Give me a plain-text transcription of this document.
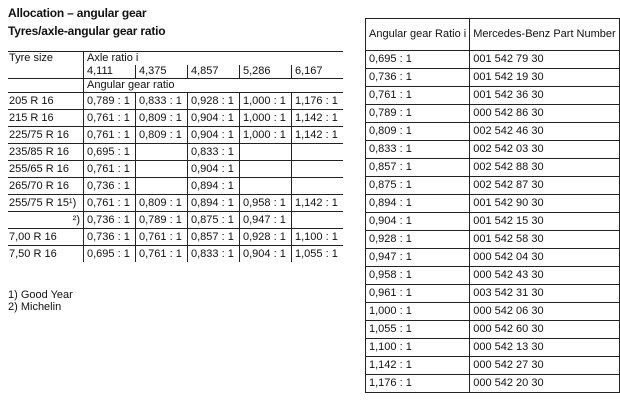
Allocation – angular gear
Tyres/axle-angular gear ratio
Tyre size	Axle ratio i				
	4,111	4,375	4,857	5,286	6,167
	Angular gear ratio				
205 R 16	0,789 : 1	0,833 : 1	0,928 : 1	1,000 : 1	1,176 : 1
215 R 16	0,761 : 1	0,809 : 1	0,904 : 1	1,000 : 1	1,142 : 1
225/75 R 16	0,761 : 1	0,809 : 1	0,904 : 1	1,000 : 1	1,142 : 1
235/85 R 16	0,695 : 1		0,833 : 1		
255/65 R 16	0,761 : 1		0,904 : 1		
265/70 R 16	0,736 : 1		0,894 : 1		
255/75 R 15¹)	0,761 : 1	0,809 : 1	0,894 : 1	0,958 : 1	1,142 : 1
²)	0,736 : 1	0,789 : 1	0,875 : 1	0,947 : 1	
7,00 R 16	0,736 : 1	0,761 : 1	0,857 : 1	0,928 : 1	1,100 : 1
7,50 R 16	0,695 : 1	0,761 : 1	0,833 : 1	0,904 : 1	1,055 : 1
1) Good Year
2) Michelin
Angular gear Ratio i	Mercedes-Benz Part Number
0,695 : 1	001 542 79 30
0,736 : 1	001 542 19 30
0,761 : 1	001 542 36 30
0,789 : 1	000 542 86 30
0,809 : 1	002 542 46 30
0,833 : 1	002 542 03 30
0,857 : 1	002 542 88 30
0,875 : 1	002 542 87 30
0,894 : 1	001 542 90 30
0,904 : 1	001 542 15 30
0,928 : 1	001 542 58 30
0,947 : 1	000 542 04 30
0,958 : 1	000 542 43 30
0,961 : 1	003 542 31 30
1,000 : 1	000 542 06 30
1,055 : 1	000 542 60 30
1,100 : 1	000 542 13 30
1,142 : 1	000 542 27 30
1,176 : 1	000 542 20 30
